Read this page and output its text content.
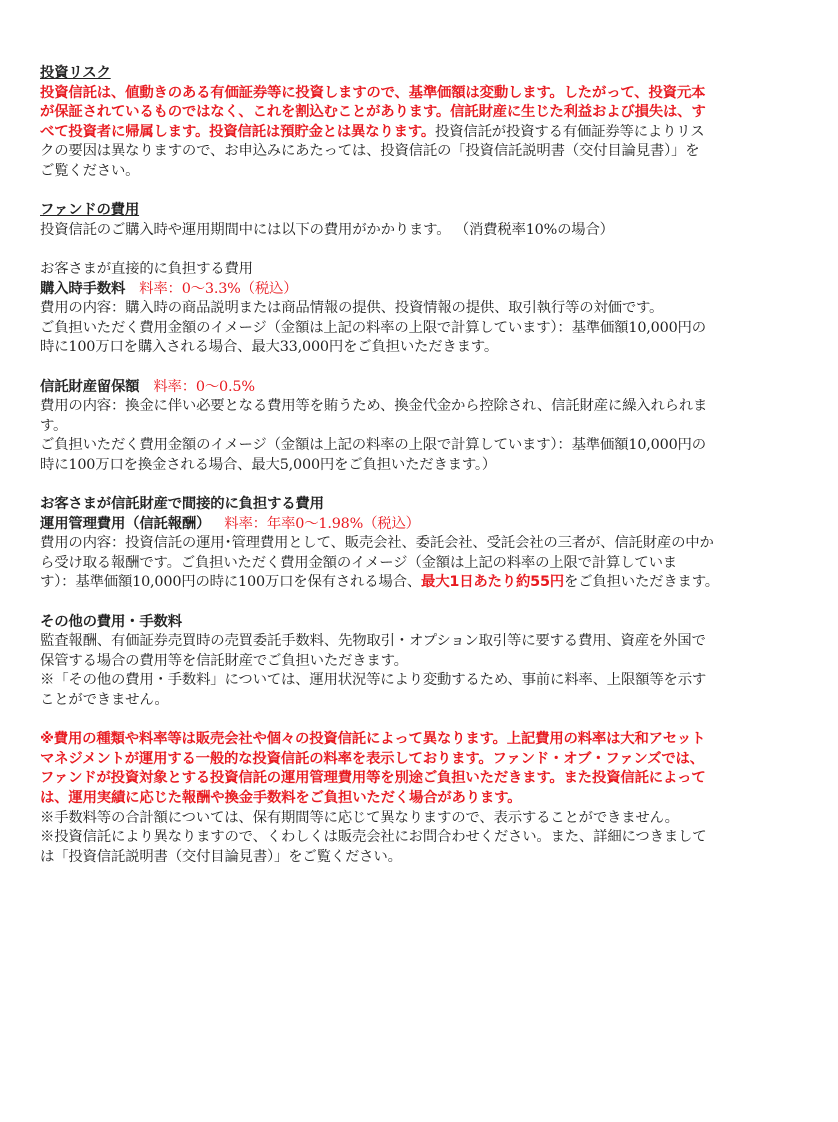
投資リスク
投資信託は、値動きのある有価証券等に投資しますので、基準価額は変動します。したがって、投資元本
が保証されているものではなく、これを割込むことがあります。信託財産に生じた利益および損失は、す
べて投資者に帰属します。投資信託は預貯金とは異なります。投資信託が投資する有価証券等によりリス
クの要因は異なりますので、お申込みにあたっては、投資信託の「投資信託説明書（交付目論見書）」を
ご覧ください。
ファンドの費用
投資信託のご購入時や運用期間中には以下の費用がかかります。 （消費税率10%の場合）
お客さまが直接的に負担する費用
購入時手数料 料率：0〜3.3%（税込）
費用の内容：購入時の商品説明または商品情報の提供、投資情報の提供、取引執行等の対価です。
ご負担いただく費用金額のイメージ（金額は上記の料率の上限で計算しています）：基準価額10,000円の
時に100万口を購入される場合、最大33,000円をご負担いただきます。
信託財産留保額 料率：0〜0.5%
費用の内容：換金に伴い必要となる費用等を賄うため、換金代金から控除され、信託財産に繰入れられま
す。
ご負担いただく費用金額のイメージ（金額は上記の料率の上限で計算しています）：基準価額10,000円の
時に100万口を換金される場合、最大5,000円をご負担いただきます。）
お客さまが信託財産で間接的に負担する費用
運用管理費用（信託報酬） 料率：年率0〜1.98%（税込）
費用の内容：投資信託の運用･管理費用として、販売会社、委託会社、受託会社の三者が、信託財産の中か
ら受け取る報酬です。ご負担いただく費用金額のイメージ（金額は上記の料率の上限で計算していま
す）：基準価額10,000円の時に100万口を保有される場合、最大1日あたり約55円をご負担いただきます。
その他の費用・手数料
監査報酬、有価証券売買時の売買委託手数料、先物取引・オプション取引等に要する費用、資産を外国で
保管する場合の費用等を信託財産でご負担いただきます。
※「その他の費用・手数料」については、運用状況等により変動するため、事前に料率、上限額等を示す
ことができません。
※費用の種類や料率等は販売会社や個々の投資信託によって異なります。上記費用の料率は大和アセット
マネジメントが運用する一般的な投資信託の料率を表示しております。ファンド・オブ・ファンズでは、
ファンドが投資対象とする投資信託の運用管理費用等を別途ご負担いただきます。また投資信託によって
は、運用実績に応じた報酬や換金手数料をご負担いただく場合があります。
※手数料等の合計額については、保有期間等に応じて異なりますので、表示することができません。
※投資信託により異なりますので、くわしくは販売会社にお問合わせください。また、詳細につきまして
は「投資信託説明書（交付目論見書）」をご覧ください。
